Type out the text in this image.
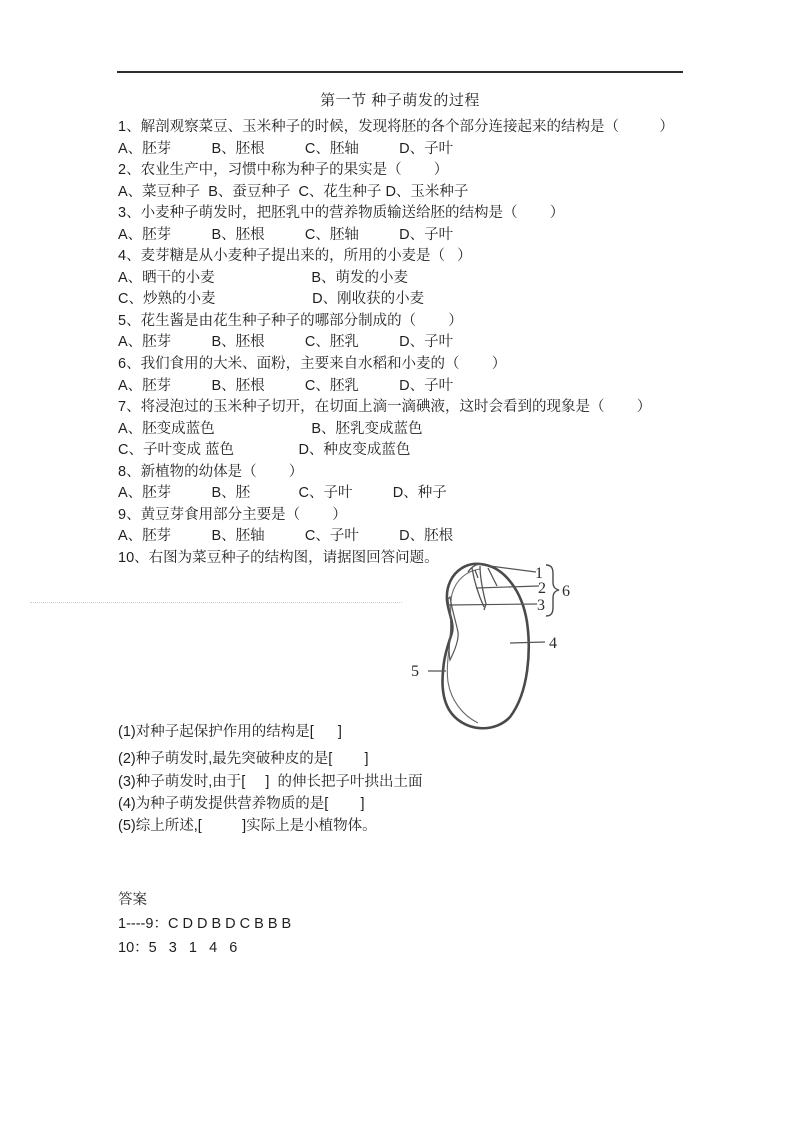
第一节 种子萌发的过程
1、解剖观察菜豆、玉米种子的时候，发现将胚的各个部分连接起来的结构是（          ）
A、胚芽          B、胚根          C、胚轴          D、子叶
2、农业生产中，习惯中称为种子的果实是（        ）
A、菜豆种子  B、蚕豆种子  C、花生种子 D、玉米种子
3、小麦种子萌发时，把胚乳中的营养物质输送给胚的结构是（        ）
A、胚芽          B、胚根          C、胚轴          D、子叶
4、麦芽糖是从小麦种子提出来的，所用的小麦是（   ）
A、晒干的小麦                        B、萌发的小麦
C、炒熟的小麦                        D、刚收获的小麦
5、花生酱是由花生种子种子的哪部分制成的（        ）
A、胚芽          B、胚根          C、胚乳          D、子叶
6、我们食用的大米、面粉，主要来自水稻和小麦的（        ）
A、胚芽          B、胚根          C、胚乳          D、子叶
7、将浸泡过的玉米种子切开，在切面上滴一滴碘液，这时会看到的现象是（        ）
A、胚变成蓝色                        B、胚乳变成蓝色
C、子叶变成 蓝色                D、种皮变成蓝色
8、新植物的幼体是（        ）
A、胚芽          B、胚            C、子叶          D、种子
9、黄豆芽食用部分主要是（        ）
A、胚芽          B、胚轴          C、子叶          D、胚根
10、右图为菜豆种子的结构图，请据图回答问题。
1
2
3
6
4
5
(1)对种子起保护作用的结构是[      ]
(2)种子萌发时,最先突破种皮的是[        ]
(3)种子萌发时,由于[     ]  的伸长把子叶拱出土面
(4)为种子萌发提供营养物质的是[        ]
(5)综上所述,[          ]实际上是小植物体。
答案
1----9：C D D B D C B B B
10：5   3   1   4   6
